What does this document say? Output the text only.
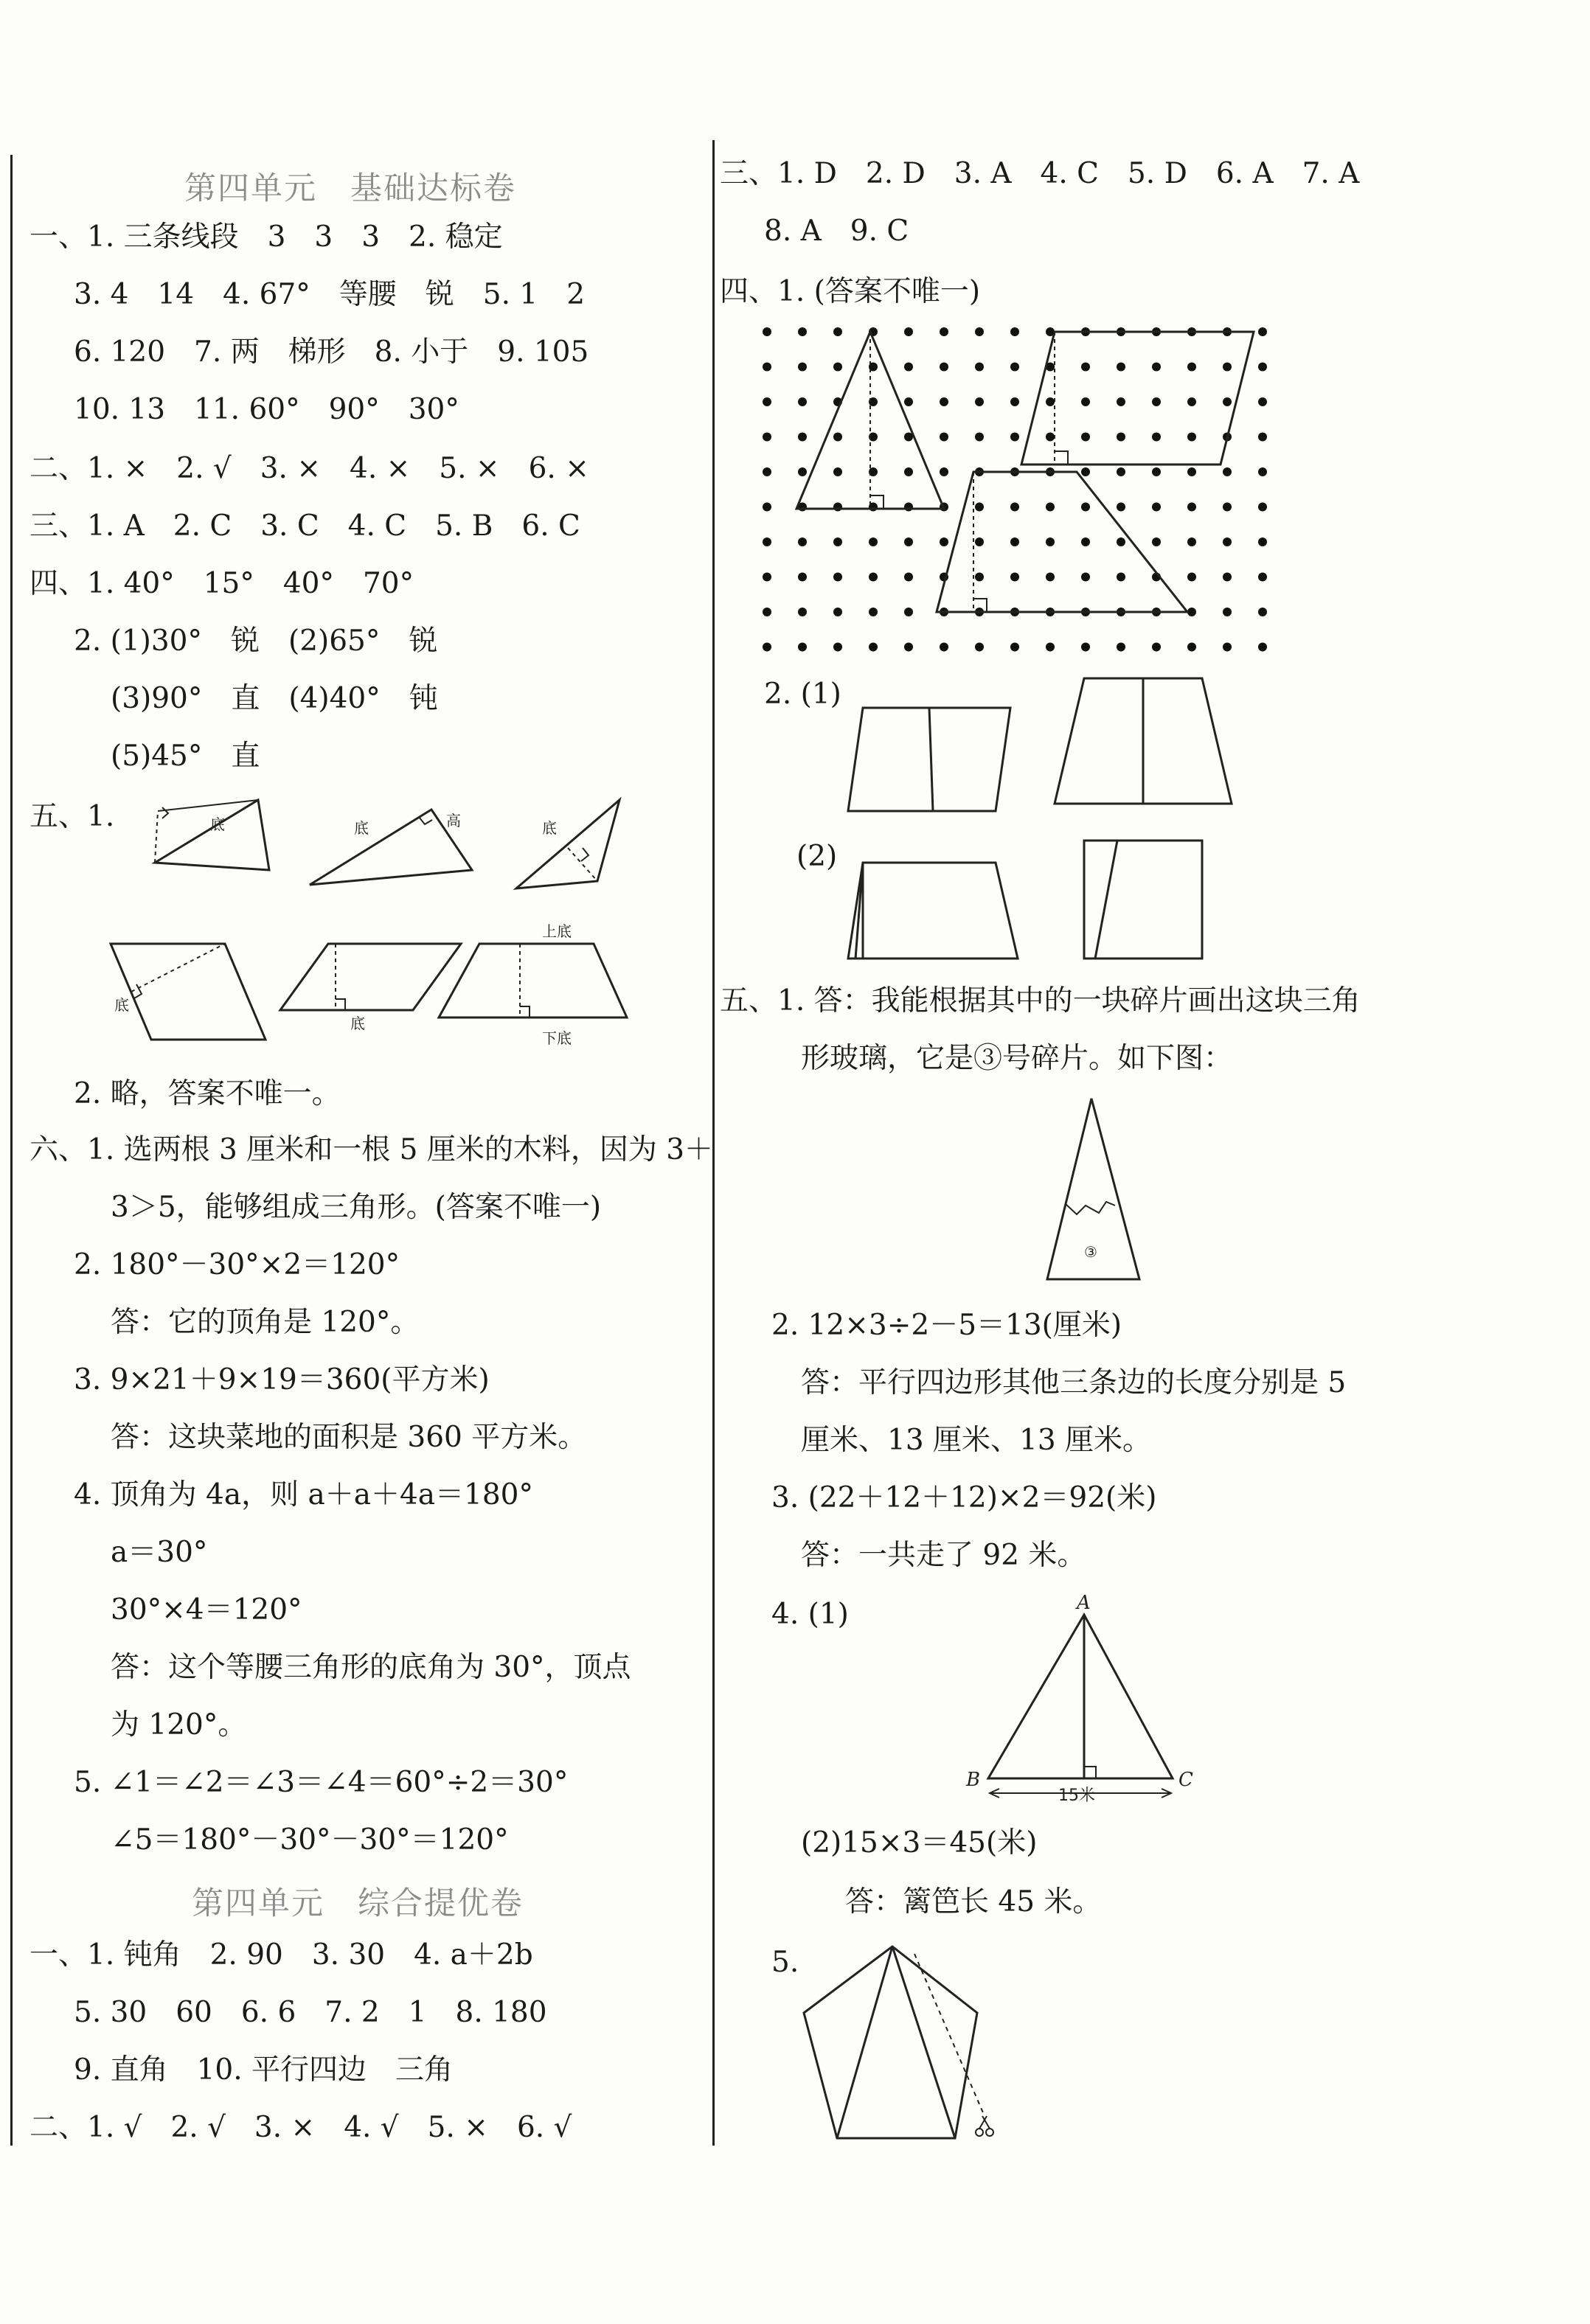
第四单元　基础达标卷
一、1. 三条线段　3　3　3　2. 稳定
3. 4　14　4. 67°　等腰　锐　5. 1　2
6. 120　7. 两　梯形　8. 小于　9. 105
10. 13　11. 60°　90°　30°
二、1. ×　2. √　3. ×　4. ×　5. ×　6. ×
三、1. A　2. C　3. C　4. C　5. B　6. C
四、1. 40°　15°　40°　70°
2. (1)30°　锐　(2)65°　锐
(3)90°　直　(4)40°　钝
(5)45°　直
五、1.	底	底	高	底
底
底
上底
下底
2. 略，答案不唯一。
六、1. 选两根 3 厘米和一根 5 厘米的木料，因为 3＋
3＞5，能够组成三角形。(答案不唯一)
2. 180°－30°×2＝120°
答：它的顶角是 120°。
3. 9×21＋9×19＝360(平方米)
答：这块菜地的面积是 360 平方米。
4. 顶角为 4a，则 a＋a＋4a＝180°
a＝30°
30°×4＝120°
答：这个等腰三角形的底角为 30°，顶点
为 120°。
5. ∠1＝∠2＝∠3＝∠4＝60°÷2＝30°
∠5＝180°－30°－30°＝120°
第四单元　综合提优卷
一、1. 钝角　2. 90　3. 30　4. a＋2b
5. 30　60　6. 6　7. 2　1　8. 180
9. 直角　10. 平行四边　三角
二、1. √　2. √　3. ×　4. √　5. ×　6. √
三、1. D　2. D　3. A　4. C　5. D　6. A　7. A
8. A　9. C
四、1. (答案不唯一)
2. (1)
(2)
五、1. 答：我能根据其中的一块碎片画出这块三角
形玻璃，它是③号碎片。如下图：
③
2. 12×3÷2－5＝13(厘米)
答：平行四边形其他三条边的长度分别是 5
厘米、13 厘米、13 厘米。
3. (22＋12＋12)×2＝92(米)
答：一共走了 92 米。
4. (1)	A
B	C
15米
(2)15×3＝45(米)
答：篱笆长 45 米。
5.
